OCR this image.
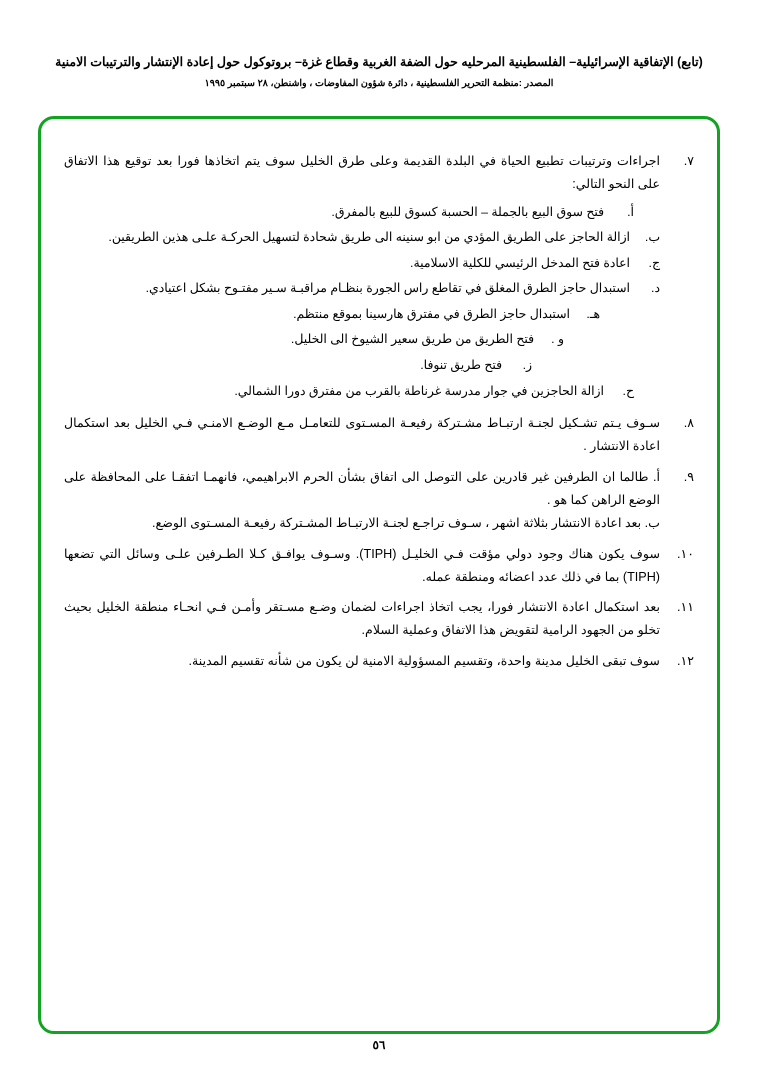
(تابع) الإتفاقية الإسرائيلية– الفلسطينية المرحليه حول الضفة الغربية وقطاع غزة– بروتوكول حول إعادة الإنتشار والترتيبات الامنية
المصدر :منظمة التحرير الفلسطينية ، دائرة شؤون المفاوضات ، واشنطن، ٢٨ سبتمبر ١٩٩٥
٧.

اجراءات وترتيبات تطبيع الحياة في البلدة القديمة وعلى طرق الخليل سوف يتم اتخاذها فورا بعد توقيع هذا الاتفاق على النحو التالي:

أ.
فتح سوق البيع بالجملة – الحسبة كسوق للبيع بالمفرق.
ب.
ازالة الحاجز على الطريق المؤدي من ابو سنينه الى طريق شحادة لتسهيل الحركـة علـى هذين الطريقين.
ج.
اعادة فتح المدخل الرئيسي للكلية الاسلامية.
د.
استبدال حاجز الطرق المغلق في تقاطع راس الجورة بنظـام مراقبـة سـير مفتـوح بشكل اعتيادي.
هـ.
استبدال حاجز الطرق في مفترق هارسينا بموقع منتظم.
و .
فتح الطريق من طريق سعير الشيوخ الى الخليل.
ز.
فتح طريق تنوفا.
ح.
ازالة الحاجزين في جوار مدرسة غرناطة بالقرب من مفترق دورا الشمالي.
٨.

سـوف يـتم تشـكيل لجنـة ارتبـاط مشـتركة رفيعـة المسـتوى للتعامـل مـع الوضـع الامنـي فـي الخليل بعد استكمال اعادة الانتشار .

٩.

أ. طالما ان الطرفين غير قادرين على التوصل الى اتفاق بشأن الحرم الابراهيمي، فانهمـا اتفقـا على المحافظة على الوضع الراهن كما هو .

ب. بعد اعادة الانتشار بثلاثة اشهر ، سـوف تراجـع لجنـة الارتبـاط المشـتركة رفيعـة المسـتوى الوضع.

١٠.

سوف يكون هناك وجود دولي مؤقت فـي الخليـل (TIPH). وسـوف يوافـق كـلا الطـرفين علـى وسائل التي تضعها (TIPH) بما في ذلك عدد اعضائه ومنطقة عمله.

١١.

بعد استكمال اعادة الانتشار فورا، يجب اتخاذ اجراءات لضمان وضـع مسـتقر وأمـن فـي انحـاء منطقة الخليل بحيث تخلو من الجهود الرامية لتقويض هذا الاتفاق وعملية السلام.

١٢.

سوف تبقى الخليل مدينة واحدة، وتقسيم المسؤولية الامنية لن يكون من شأنه تقسيم المدينة.

٥٦
